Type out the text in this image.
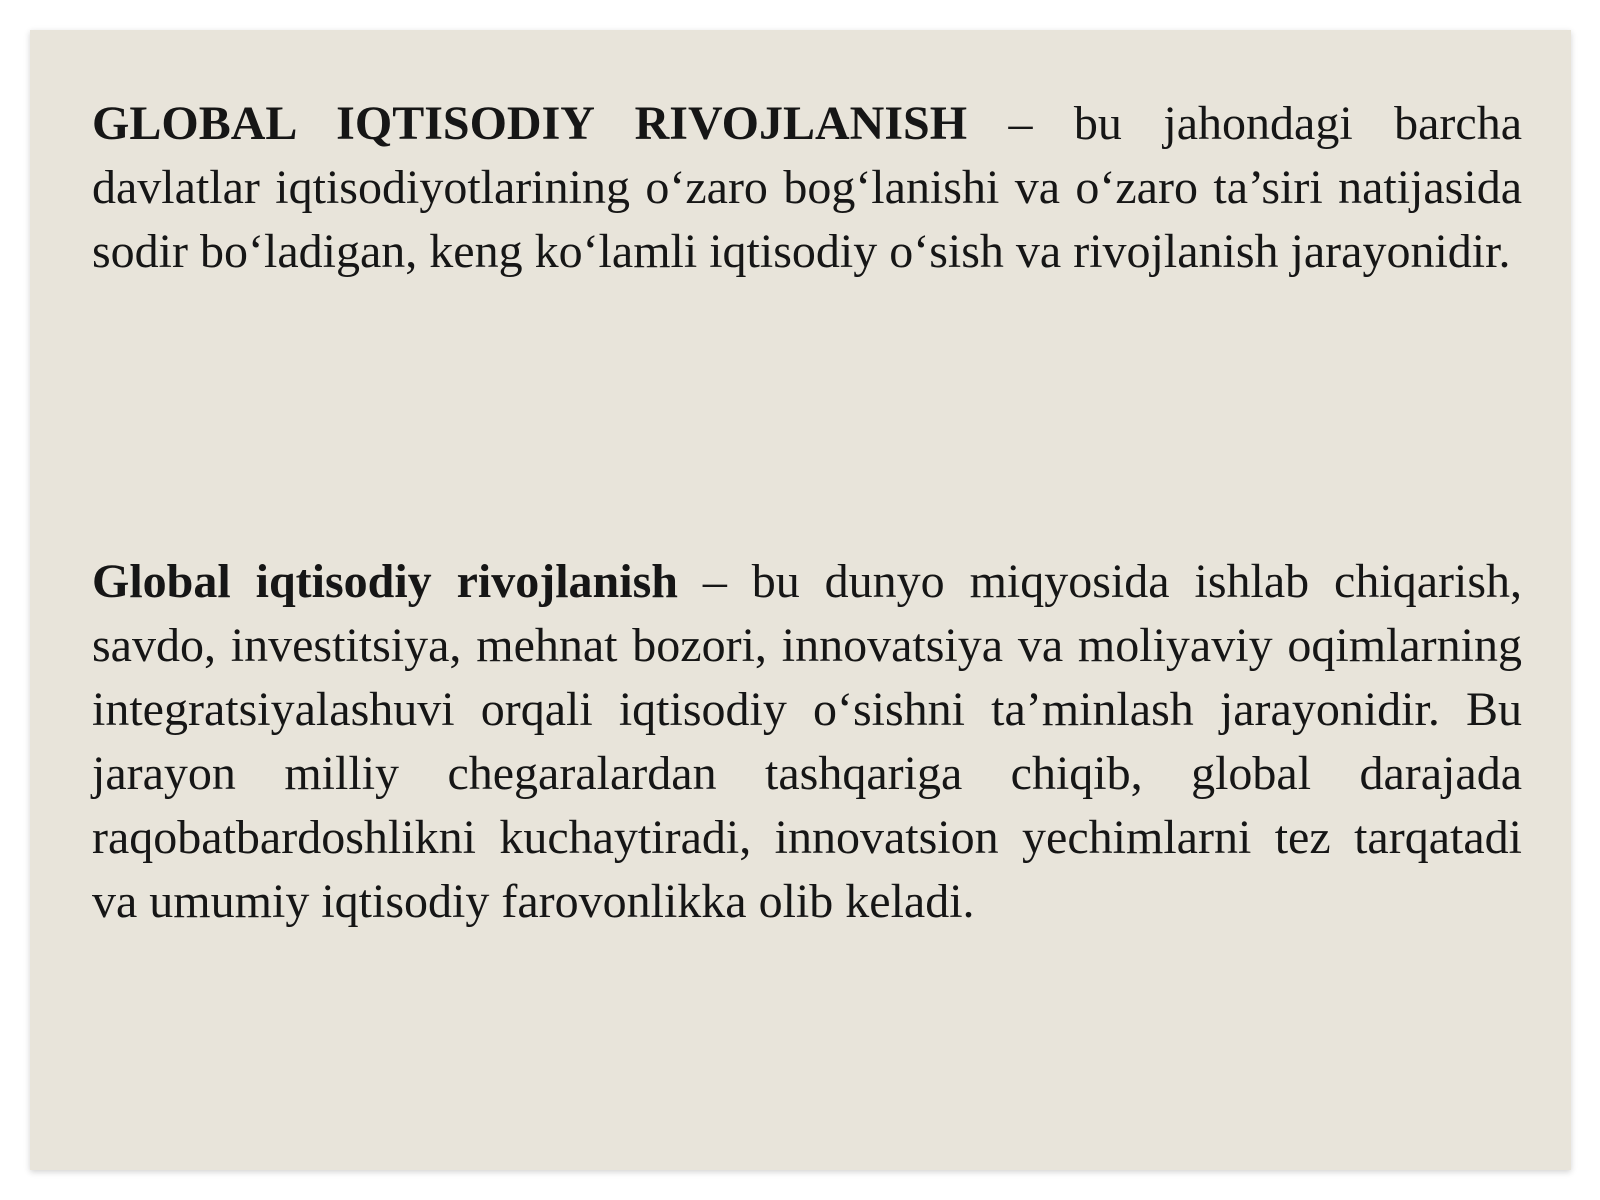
GLOBAL IQTISODIY RIVOJLANISH – bu jahondagi barcha davlatlar iqtisodiyotlarining o‘zaro bog‘lanishi va o‘zaro ta’siri natijasida sodir bo‘ladigan, keng ko‘lamli iqtisodiy o‘sish va rivojlanish jarayonidir.

Global iqtisodiy rivojlanish – bu dunyo miqyosida ishlab chiqarish, savdo, investitsiya, mehnat bozori, innovatsiya va moliyaviy oqimlarning integratsiyalashuvi orqali iqtisodiy o‘sishni ta’minlash jarayonidir. Bu jarayon milliy chegaralardan tashqariga chiqib, global darajada raqobatbardoshlikni kuchaytiradi, innovatsion yechimlarni tez tarqatadi va umumiy iqtisodiy farovonlikka olib keladi.
